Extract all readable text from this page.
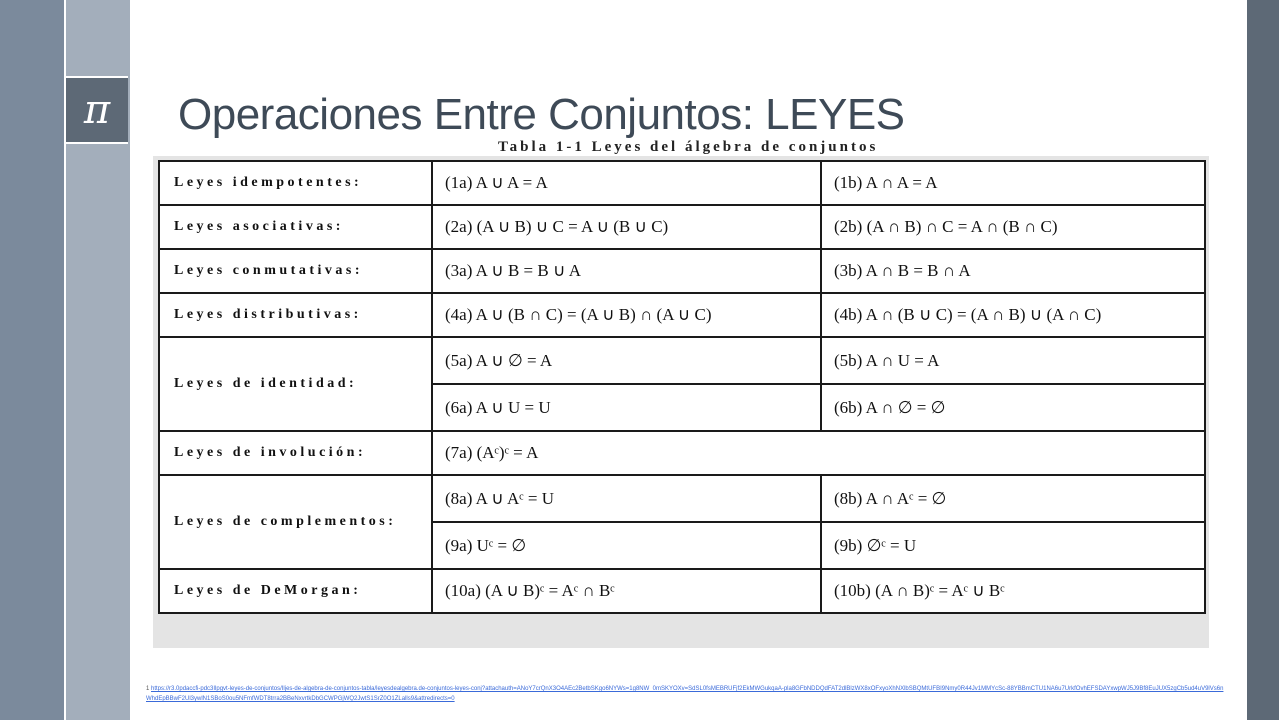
π Operaciones Entre Conjuntos: LEYES
Tabla 1-1 Leyes del álgebra de conjuntos
Leyes idempotentes:	(1a) A ∪ A = A	(1b) A ∩ A = A
Leyes asociativas:	(2a) (A ∪ B) ∪ C = A ∪ (B ∪ C)	(2b) (A ∩ B) ∩ C = A ∩ (B ∩ C)
Leyes conmutativas:	(3a) A ∪ B = B ∪ A	(3b) A ∩ B = B ∩ A
Leyes distributivas:	(4a) A ∪ (B ∩ C) = (A ∪ B) ∩ (A ∪ C)	(4b) A ∩ (B ∪ C) = (A ∩ B) ∪ (A ∩ C)
Leyes de identidad:	(5a) A ∪ ∅ = A	(5b) A ∩ U = A
	(6a) A ∪ U = U	(6b) A ∩ ∅ = ∅
Leyes de involución:	(7a) (Aᶜ)ᶜ = A	
Leyes de complementos:	(8a) A ∪ Aᶜ = U	(8b) A ∩ Aᶜ = ∅
	(9a) Uᶜ = ∅	(9b) ∅ᶜ = U
Leyes de DeMorgan:	(10a) (A ∪ B)ᶜ = Aᶜ ∩ Bᶜ	(10b) (A ∩ B)ᶜ = Aᶜ ∪ Bᶜ
1 https://r3.0pdaccfi-pdc3Ilpgvt-leyes-de-conjuntos/Iljes-de-algebra-de-conjuntos-tabla/leyesdealgebra.de-conjuntos-leyes-conj?attachauth=ANoY7crQnX3O4AEc2BetbSKgo6NYWs=1g8NW_0mSKYOXv=SdSL0fsMEBRUFjf2EkMWGukqaA-pla8GFbNDDQdFAT2dlBlzWX8xOFxyoXhNXlbSBQMtUFBI9Nmy0R44Jv1MMYcSc-88YBBmCTU1NA6u7UrkfOvhEFSDAYxwpWJ5J9Bf8EuJUX5zgCb5ud4uV9lVs6nWhdEpBBwF2Ul3ywlN1SBoS0ou5NFmfWDT8trra2BBeNxvrtkDbGCWPGjWQ2JwtS1SrZ0O1ZLalls9&attredirects=0
